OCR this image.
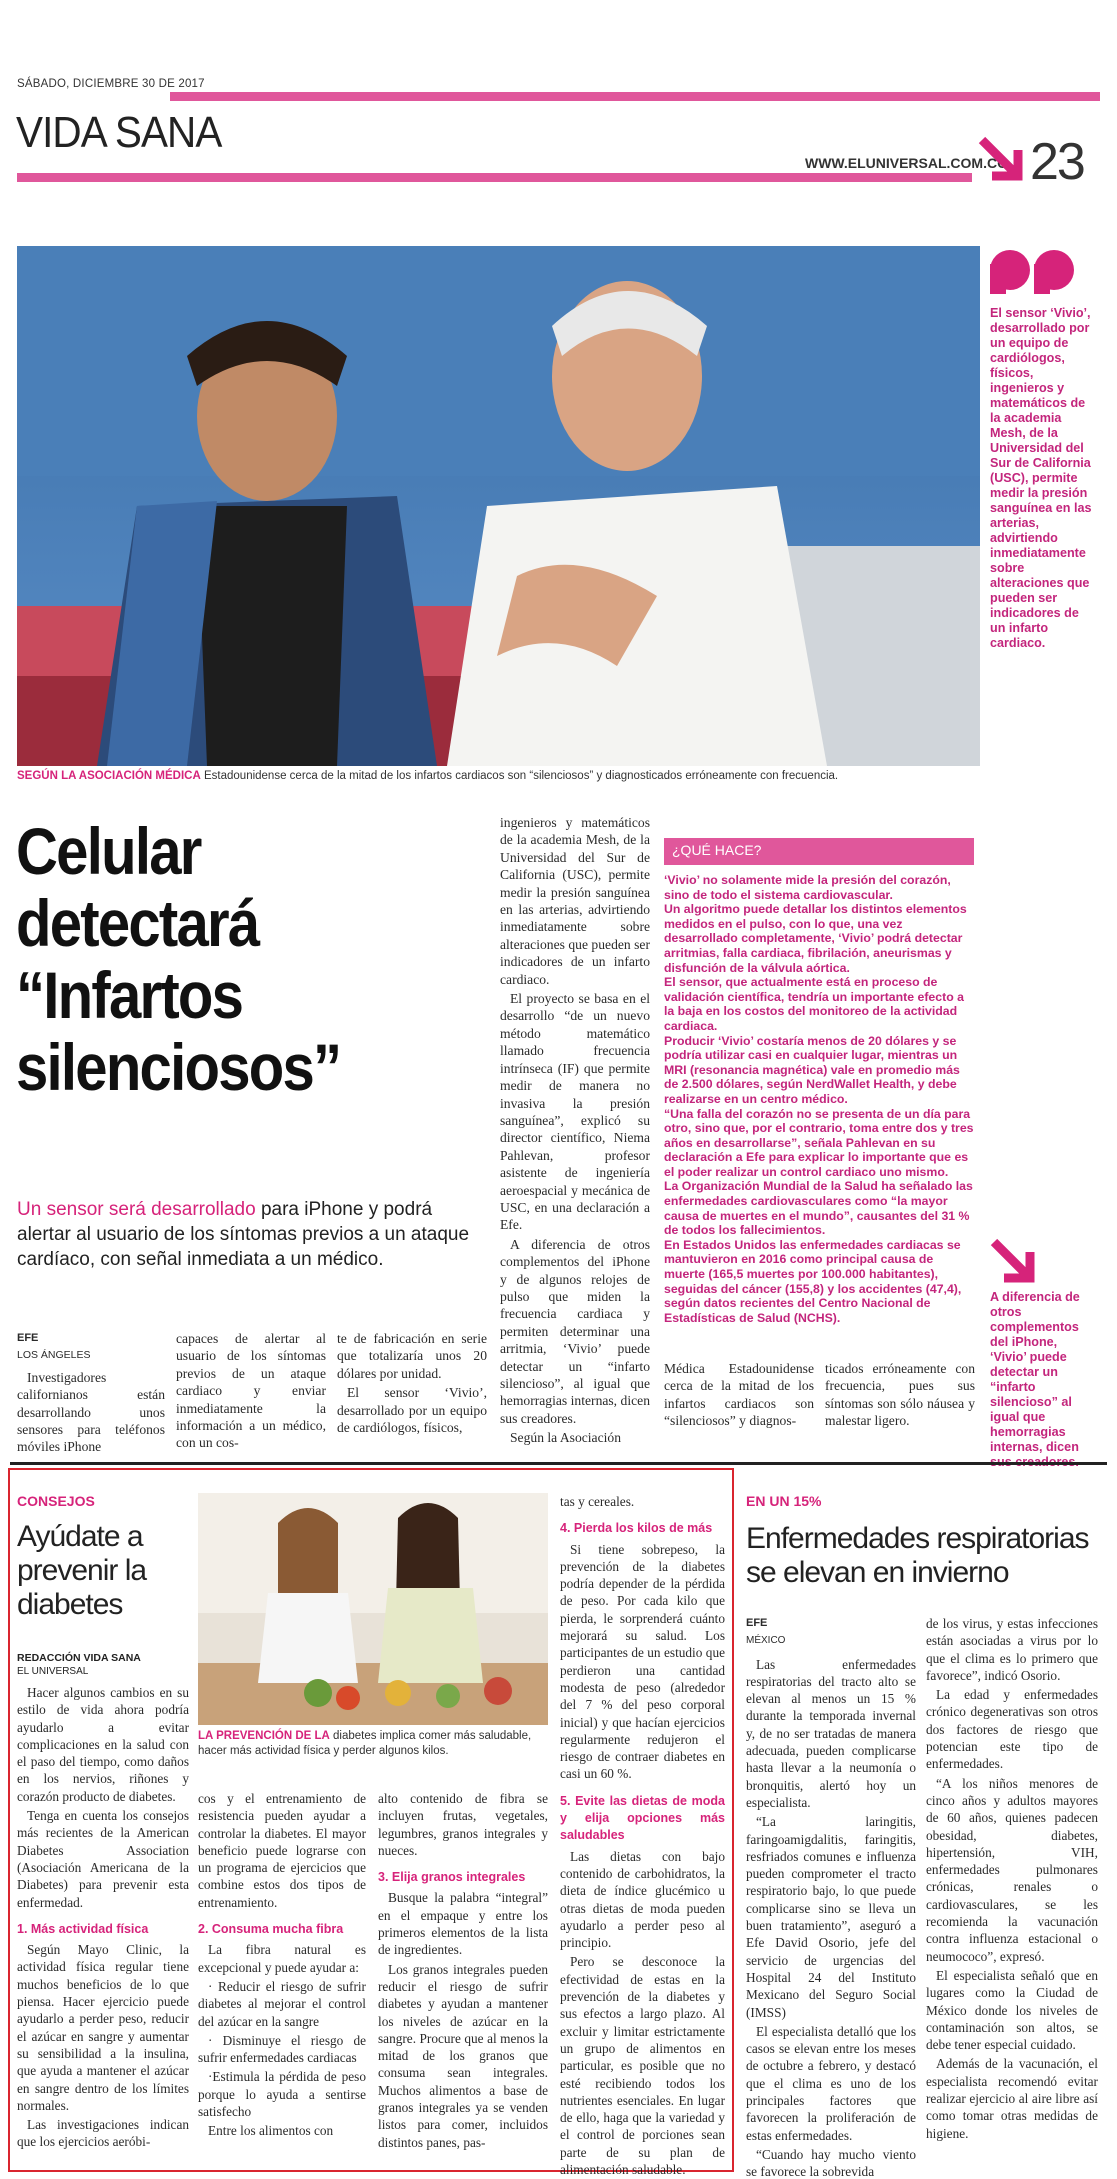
SÁBADO, DICIEMBRE 30 DE 2017
VIDA SANA
WWW.ELUNIVERSAL.COM.CO 23
SEGÚN LA ASOCIACIÓN MÉDICA Estadounidense cerca de la mitad de los infartos cardiacos son “silenciosos” y diagnosticados erróneamente con frecuencia.
El sensor ‘Vivio’, desarrollado por un equipo de cardiólogos, físicos, ingenieros y matemáticos de la academia Mesh, de la Universidad del Sur de California (USC), permite medir la presión sanguínea en las arterias, advirtiendo inmediatamente sobre alteraciones que pueden ser indicadores de un infarto cardiaco.
A diferencia de otros complementos del iPhone, ‘Vivio’ puede detectar un “infarto silencioso” al igual que hemorragias internas, dicen
Celular
detectará
“Infartos
silenciosos”
Un sensor será desarrollado para iPhone y podrá alertar al usuario de los síntomas previos a un ataque cardíaco, con señal inmediata a un médico.
EFE
LOS ÁNGELES

Investigadores californianos están desarrollando unos sensores para teléfonos móviles iPhone

capaces de alertar al usuario de los síntomas previos de un ataque cardiaco y enviar inmediatamente la información a un médico, con un cos-

te de fabricación en serie que totalizaría unos 20 dólares por unidad.

El sensor ‘Vivio’, desarrollado por un equipo de cardiólogos, físicos,

ingenieros y matemáticos de la academia Mesh, de la Universidad del Sur de California (USC), permite medir la presión sanguínea en las arterias, advirtiendo inmediatamente sobre alteraciones que pueden ser indicadores de un infarto cardiaco.

El proyecto se basa en el desarrollo “de un nuevo método matemático llamado frecuencia intrínseca (IF) que permite medir de manera no invasiva la presión sanguínea”, explicó su director científico, Niema Pahlevan, profesor asistente de ingeniería aeroespacial y mecánica de USC, en una declaración a Efe.

A diferencia de otros complementos del iPhone y de algunos relojes de pulso que miden la frecuencia cardiaca y permiten determinar una arritmia, ‘Vivio’ puede detectar un “infarto silencioso”, al igual que hemorragias internas, dicen sus creadores.

Según la Asociación

Médica Estadounidense cerca de la mitad de los infartos cardiacos son “silenciosos” y diagnos-

ticados erróneamente con frecuencia, pues sus síntomas son sólo náusea y malestar ligero.

¿QUÉ HACE?
‘Vivio’ no solamente mide la presión del corazón, sino de todo el sistema cardiovascular.
Un algoritmo puede detallar los distintos elementos medidos en el pulso, con lo que, una vez desarrollado completamente, ‘Vivio’ podrá detectar arritmias, falla cardiaca, fibrilación, aneurismas y disfunción de la válvula aórtica.
El sensor, que actualmente está en proceso de validación científica, tendría un importante efecto a la baja en los costos del monitoreo de la actividad cardiaca.
Producir ‘Vivio’ costaría menos de 20 dólares y se podría utilizar casi en cualquier lugar, mientras un MRI (resonancia magnética) vale en promedio más de 2.500 dólares, según NerdWallet Health, y debe realizarse en un centro médico.
“Una falla del corazón no se presenta de un día para otro, sino que, por el contrario, toma entre dos y tres años en desarrollarse”, señala Pahlevan en su declaración a Efe para explicar lo importante que es el poder realizar un control cardiaco uno mismo.
La Organización Mundial de la Salud ha señalado las enfermedades cardiovasculares como “la mayor causa de muertes en el mundo”, causantes del 31 % de todos los fallecimientos.
En Estados Unidos las enfermedades cardiacas se mantuvieron en 2016 como principal causa de muerte (165,5 muertes por 100.000 habitantes), seguidas del cáncer (155,8) y los accidentes (47,4), según datos recientes del Centro Nacional de Estadísticas de Salud (NCHS).
CONSEJOS
Ayúdate a
prevenir la
diabetes
REDACCIÓN VIDA SANA
EL UNIVERSAL
LA PREVENCIÓN DE LA diabetes implica comer más saludable, hacer más actividad física y perder algunos kilos.

Hacer algunos cambios en su estilo de vida ahora podría ayudarlo a evitar complicaciones en la salud con el paso del tiempo, como daños en los nervios, riñones y corazón producto de diabetes.

Tenga en cuenta los consejos más recientes de la American Diabetes Association (Asociación Americana de la Diabetes) para prevenir esta enfermedad.

1. Más actividad física

Según Mayo Clinic, la actividad física regular tiene muchos beneficios de lo que piensa. Hacer ejercicio puede ayudarlo a perder peso, reducir el azúcar en sangre y aumentar su sensibilidad a la insulina, que ayuda a mantener el azúcar en sangre dentro de los límites normales.

Las investigaciones indican que los ejercicios aeróbi-

cos y el entrenamiento de resistencia pueden ayudar a controlar la diabetes. El mayor beneficio puede lograrse con un programa de ejercicios que combine estos dos tipos de entrenamiento.

2. Consuma mucha fibra

La fibra natural es excepcional y puede ayudar a:

· Reducir el riesgo de sufrir diabetes al mejorar el control del azúcar en la sangre

· Disminuye el riesgo de sufrir enfermedades cardiacas

·Estimula la pérdida de peso porque lo ayuda a sentirse satisfecho

Entre los alimentos con

alto contenido de fibra se incluyen frutas, vegetales, legumbres, granos integrales y nueces.

3. Elija granos integrales

Busque la palabra “integral” en el empaque y entre los primeros elementos de la lista de ingredientes.

Los granos integrales pueden reducir el riesgo de sufrir diabetes y ayudan a mantener los niveles de azúcar en la sangre. Procure que al menos la mitad de los granos que consuma sean integrales. Muchos alimentos a base de granos integrales ya se venden listos para comer, incluidos distintos panes, pas-

tas y cereales.

4. Pierda los kilos de más

Si tiene sobrepeso, la prevención de la diabetes podría depender de la pérdida de peso. Por cada kilo que pierda, le sorprenderá cuánto mejorará su salud. Los participantes de un estudio que perdieron una cantidad modesta de peso (alrededor del 7 % del peso corporal inicial) y que hacían ejercicios regularmente redujeron el riesgo de contraer diabetes en casi un 60 %.

5. Evite las dietas de moda y elija opciones más saludables

Las dietas con bajo contenido de carbohidratos, la dieta de índice glucémico u otras dietas de moda pueden ayudarlo a perder peso al principio.

Pero se desconoce la efectividad de estas en la prevención de la diabetes y sus efectos a largo plazo. Al excluir y limitar estrictamente un grupo de alimentos en particular, es posible que no esté recibiendo todos los nutrientes esenciales. En lugar de ello, haga que la variedad y el control de porciones sean parte de su plan de alimentación saludable.

EN UN 15%
Enfermedades respiratorias
se elevan en invierno
EFE
MÉXICO

Las enfermedades respiratorias del tracto alto se elevan al menos un 15 % durante la temporada invernal y, de no ser tratadas de manera adecuada, pueden complicarse hasta llevar a la neumonía o bronquitis, alertó hoy un especialista.

“La laringitis, faringoamigdalitis, faringitis, resfriados comunes e influenza pueden comprometer el tracto respiratorio bajo, lo que puede complicarse sino se lleva un buen tratamiento”, aseguró a Efe David Osorio, jefe del servicio de urgencias del Hospital 24 del Instituto Mexicano del Seguro Social (IMSS)

El especialista detalló que los casos se elevan entre los meses de octubre a febrero, y destacó que el clima es uno de los principales factores que favorecen la proliferación de estas enfermedades.

“Cuando hay mucho viento se favorece la sobrevida

de los virus, y estas infecciones están asociadas a virus por lo que el clima es lo primero que favorece”, indicó Osorio.

La edad y enfermedades crónico degenerativas son otros dos factores de riesgo que potencian este tipo de enfermedades.

“A los niños menores de cinco años y adultos mayores de 60 años, quienes padecen obesidad, diabetes, hipertensión, VIH, enfermedades pulmonares crónicas, renales o cardiovasculares, se les recomienda la vacunación contra influenza estacional o neumococo”, expresó.

El especialista señaló que en lugares como la Ciudad de México donde los niveles de contaminación son altos, se debe tener especial cuidado.

Además de la vacunación, el especialista recomendó evitar realizar ejercicio al aire libre así como tomar otras medidas de higiene.
